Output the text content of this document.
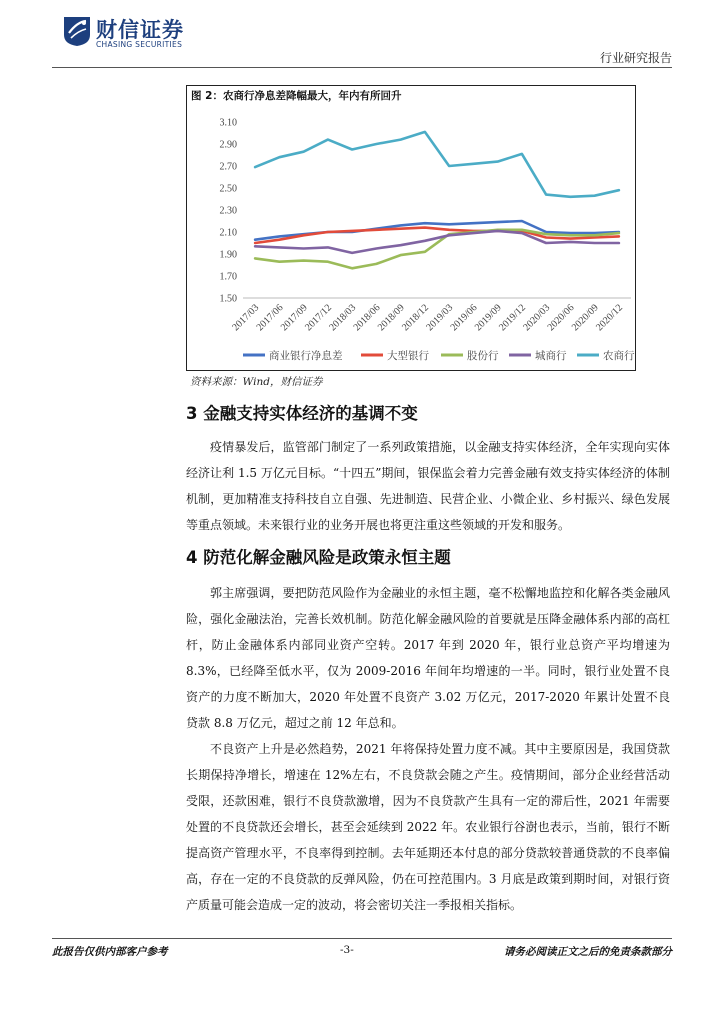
财信证券
CHASING SECURITIES
行业研究报告
图 2：农商行净息差降幅最大，年内有所回升
1.50
1.70
1.90
2.10
2.30
2.50
2.70
2.90
3.10
2017/03
2017/06
2017/09
2017/12
2018/03
2018/06
2018/09
2018/12
2019/03
2019/06
2019/09
2019/12
2020/03
2020/06
2020/09
2020/12
商业银行净息差	大型银行	股份行	城商行	农商行
资料来源：Wind，财信证券
3 金融支持实体经济的基调不变

疫情暴发后，监管部门制定了一系列政策措施，以金融支持实体经济，全年实现向实体经济让利 1.5 万亿元目标。“十四五”期间，银保监会着力完善金融有效支持实体经济的体制机制，更加精准支持科技自立自强、先进制造、民营企业、小微企业、乡村振兴、绿色发展等重点领域。未来银行业的业务开展也将更注重这些领域的开发和服务。

4 防范化解金融风险是政策永恒主题

郭主席强调，要把防范风险作为金融业的永恒主题，毫不松懈地监控和化解各类金融风险，强化金融法治，完善长效机制。防范化解金融风险的首要就是压降金融体系内部的高杠杆，防止金融体系内部同业资产空转。2017 年到 2020 年，银行业总资产平均增速为 8.3%，已经降至低水平，仅为 2009-2016 年间年均增速的一半。同时，银行业处置不良资产的力度不断加大，2020 年处置不良资产 3.02 万亿元，2017-2020 年累计处置不良贷款 8.8 万亿元，超过之前 12 年总和。

不良资产上升是必然趋势，2021 年将保持处置力度不减。其中主要原因是，我国贷款长期保持净增长，增速在 12%左右，不良贷款会随之产生。疫情期间，部分企业经营活动受限，还款困难，银行不良贷款激增，因为不良贷款产生具有一定的滞后性，2021 年需要处置的不良贷款还会增长，甚至会延续到 2022 年。农业银行谷澍也表示，当前，银行不断提高资产管理水平，不良率得到控制。去年延期还本付息的部分贷款较普通贷款的不良率偏高，存在一定的不良贷款的反弹风险，仍在可控范围内。3 月底是政策到期时间，对银行资产质量可能会造成一定的波动，将会密切关注一季报相关指标。

此报告仅供内部客户参考	-3-	请务必阅读正文之后的免责条款部分
